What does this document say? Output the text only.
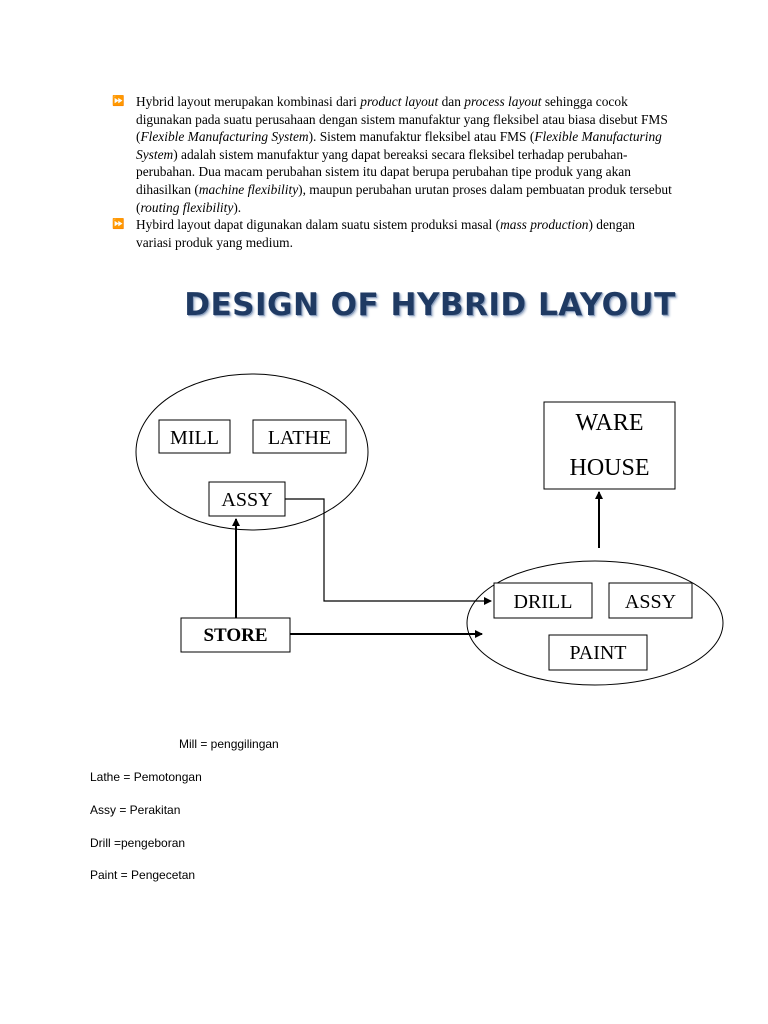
⏩ Hybrid layout merupakan kombinasi dari product layout dan process layout sehingga cocok digunakan pada suatu perusahaan dengan sistem manufaktur yang fleksibel atau biasa disebut FMS (Flexible Manufacturing System). Sistem manufaktur fleksibel atau FMS (Flexible Manufacturing System) adalah sistem manufaktur yang dapat bereaksi secara fleksibel terhadap perubahan-perubahan. Dua macam perubahan sistem itu dapat berupa perubahan tipe produk yang akan dihasilkan (machine flexibility), maupun perubahan urutan proses dalam pembuatan produk tersebut (routing flexibility).

⏩ Hybird layout dapat digunakan dalam suatu sistem produksi masal (mass production) dengan variasi produk yang medium.

DESIGN OF HYBRID LAYOUT
MILL LATHE
ASSY
WARE
HOUSE
DRILL	ASSY
PAINT
STORE
Mill = penggilingan
Lathe = Pemotongan
Assy = Perakitan
Drill =pengeboran
Paint = Pengecetan
